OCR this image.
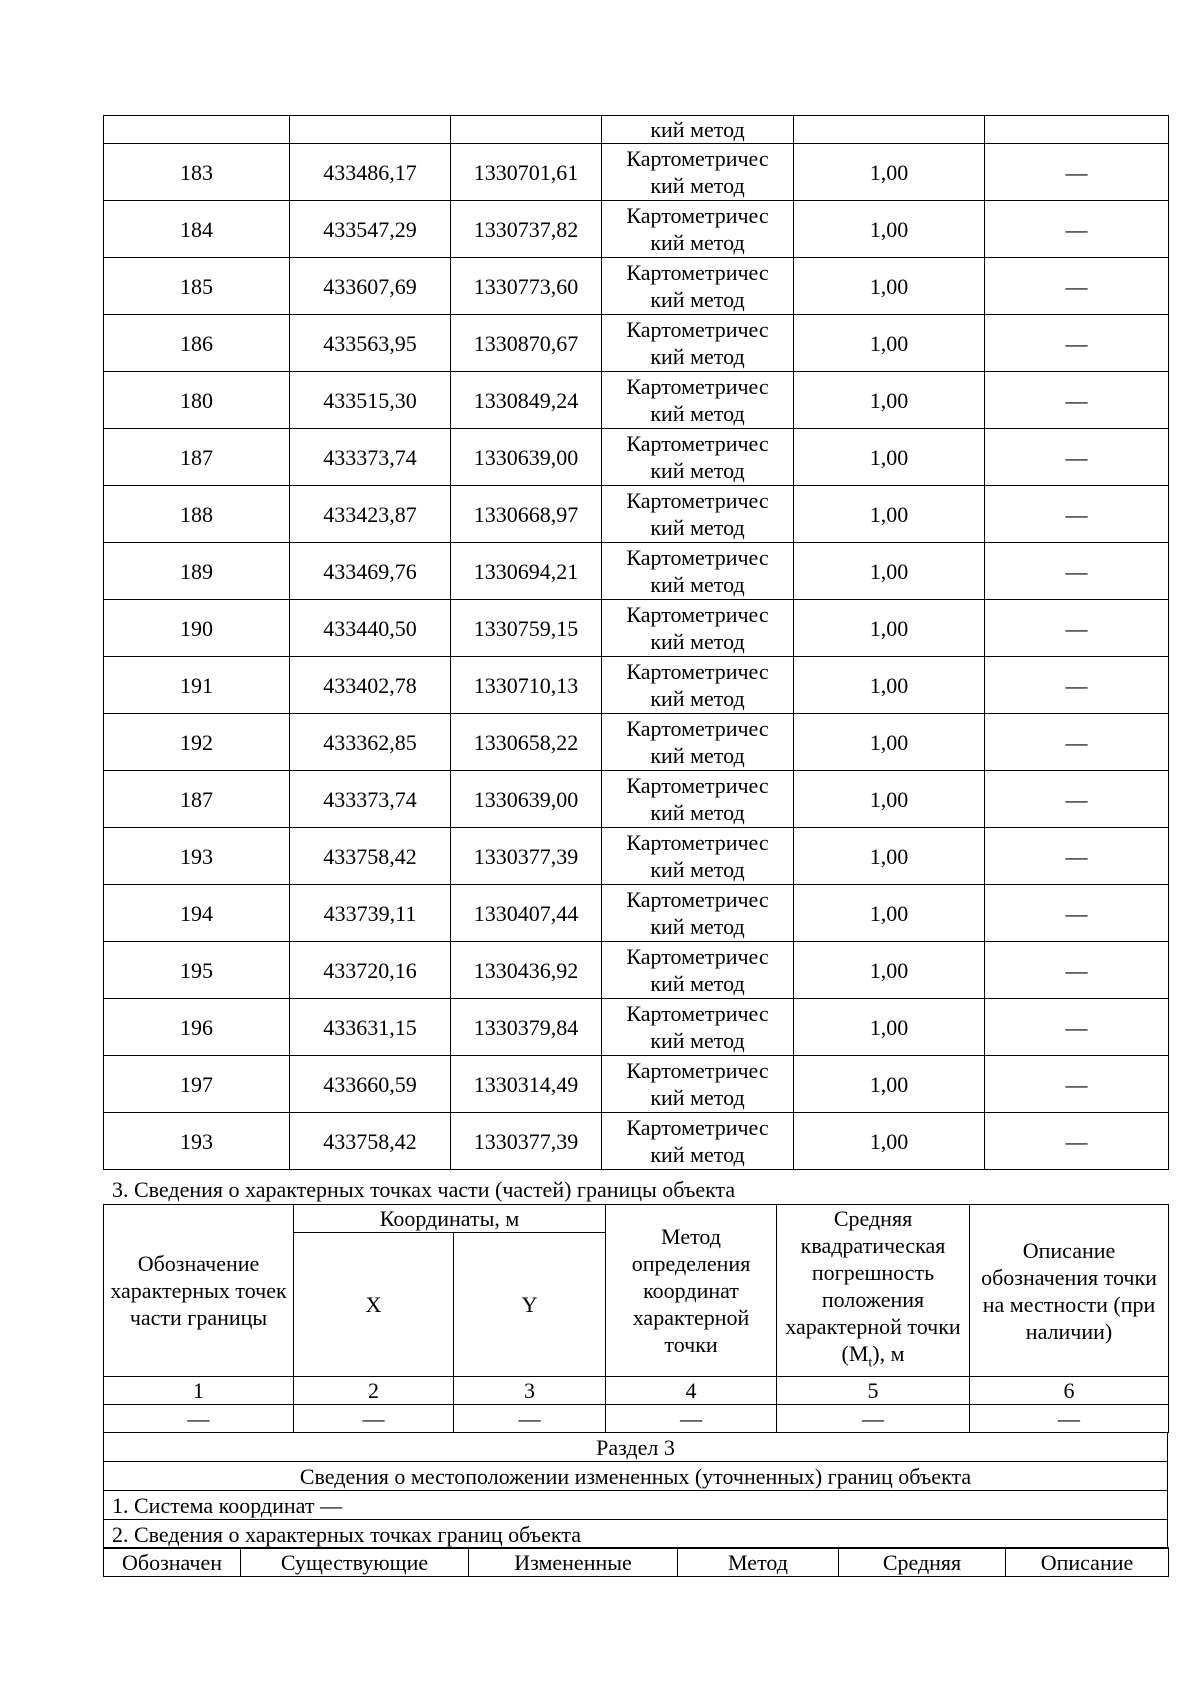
			кий метод		
183	433486,17	1330701,61	Картометричес
кий метод	1,00	—
184	433547,29	1330737,82	Картометричес
кий метод	1,00	—
185	433607,69	1330773,60	Картометричес
кий метод	1,00	—
186	433563,95	1330870,67	Картометричес
кий метод	1,00	—
180	433515,30	1330849,24	Картометричес
кий метод	1,00	—
187	433373,74	1330639,00	Картометричес
кий метод	1,00	—
188	433423,87	1330668,97	Картометричес
кий метод	1,00	—
189	433469,76	1330694,21	Картометричес
кий метод	1,00	—
190	433440,50	1330759,15	Картометричес
кий метод	1,00	—
191	433402,78	1330710,13	Картометричес
кий метод	1,00	—
192	433362,85	1330658,22	Картометричес
кий метод	1,00	—
187	433373,74	1330639,00	Картометричес
кий метод	1,00	—
193	433758,42	1330377,39	Картометричес
кий метод	1,00	—
194	433739,11	1330407,44	Картометричес
кий метод	1,00	—
195	433720,16	1330436,92	Картометричес
кий метод	1,00	—
196	433631,15	1330379,84	Картометричес
кий метод	1,00	—
197	433660,59	1330314,49	Картометричес
кий метод	1,00	—
193	433758,42	1330377,39	Картометричес
кий метод	1,00	—
3. Сведения о характерных точках части (частей) границы объекта
Обозначение характерных точек части границы	Координаты, м		Метод определения координат характерной точки	Средняя квадратическая погрешность положения характерной точки $(M_t)$, м	Описание обозначения точки на местности (при наличии)
	X	Y			
1	2	3	4	5	6
—	—	—	—	—	—
Раздел 3
Сведения о местоположении измененных (уточненных) границ объекта
1. Система координат —
2. Сведения о характерных точках границ объекта
Обозначен	Существующие	Измененные	Метод	Средняя	Описание
